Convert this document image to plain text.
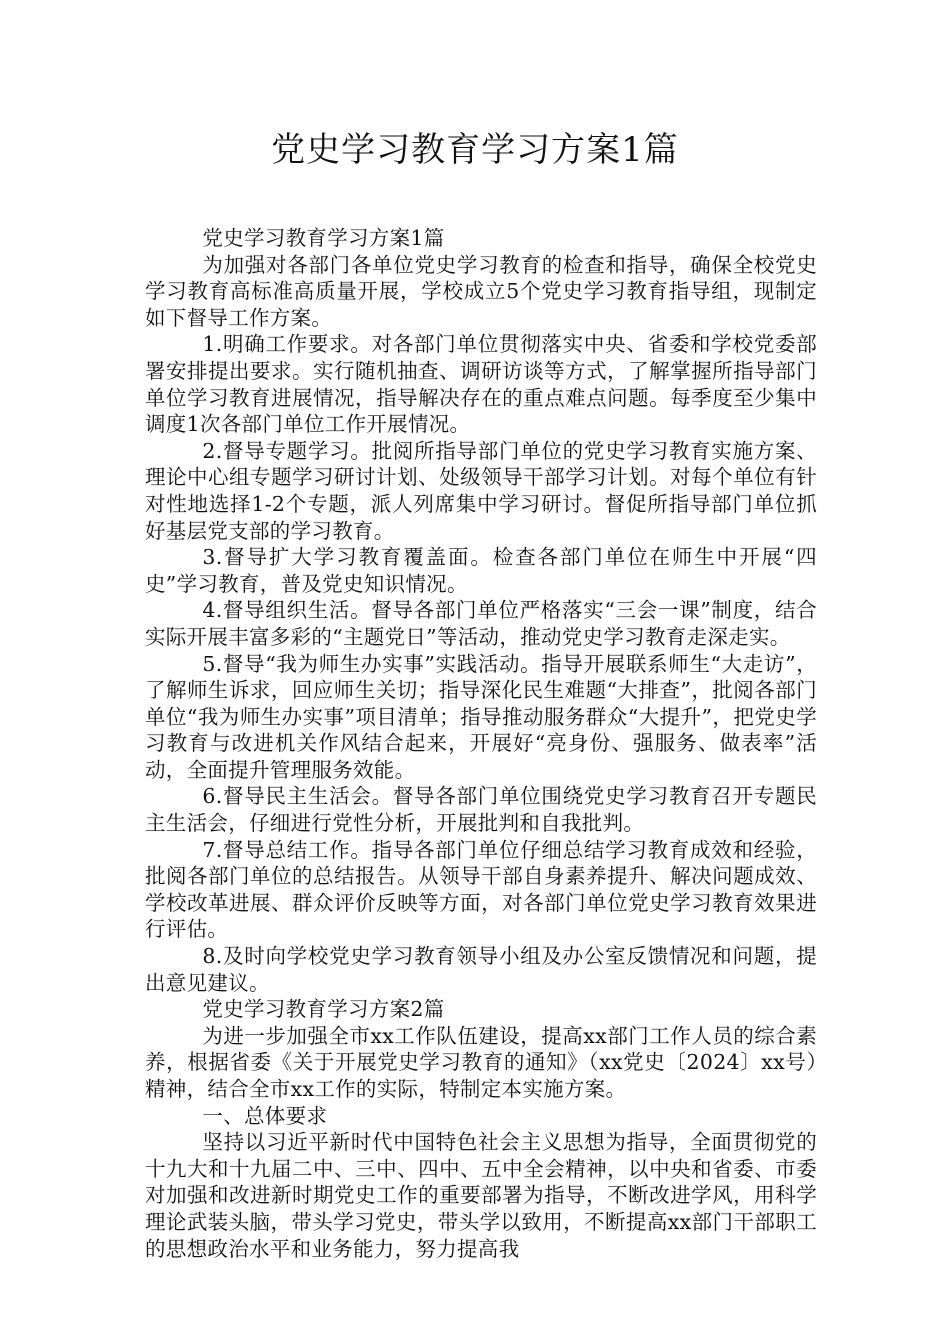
党史学习教育学习方案1篇

党史学习教育学习方案1篇

为加强对各部门各单位党史学习教育的检查和指导，确保全校党史学习教育高标准高质量开展，学校成立5个党史学习教育指导组，现制定如下督导工作方案。

1.明确工作要求。对各部门单位贯彻落实中央、省委和学校党委部署安排提出要求。实行随机抽查、调研访谈等方式，了解掌握所指导部门单位学习教育进展情况，指导解决存在的重点难点问题。每季度至少集中调度1次各部门单位工作开展情况。

2.督导专题学习。批阅所指导部门单位的党史学习教育实施方案、理论中心组专题学习研讨计划、处级领导干部学习计划。对每个单位有针对性地选择1-2个专题，派人列席集中学习研讨。督促所指导部门单位抓好基层党支部的学习教育。

3.督导扩大学习教育覆盖面。检查各部门单位在师生中开展“四史”学习教育，普及党史知识情况。

4.督导组织生活。督导各部门单位严格落实“三会一课”制度，结合实际开展丰富多彩的“主题党日”等活动，推动党史学习教育走深走实。

5.督导“我为师生办实事”实践活动。指导开展联系师生“大走访”，了解师生诉求，回应师生关切；指导深化民生难题“大排查”，批阅各部门单位“我为师生办实事”项目清单；指导推动服务群众“大提升”，把党史学习教育与改进机关作风结合起来，开展好“亮身份、强服务、做表率”活动，全面提升管理服务效能。

6.督导民主生活会。督导各部门单位围绕党史学习教育召开专题民主生活会，仔细进行党性分析，开展批判和自我批判。

7.督导总结工作。指导各部门单位仔细总结学习教育成效和经验，批阅各部门单位的总结报告。从领导干部自身素养提升、解决问题成效、学校改革进展、群众评价反映等方面，对各部门单位党史学习教育效果进行评估。

8.及时向学校党史学习教育领导小组及办公室反馈情况和问题，提出意见建议。

党史学习教育学习方案2篇

为进一步加强全市xx工作队伍建设，提高xx部门工作人员的综合素养，根据省委《关于开展党史学习教育的通知》（xx党史〔2024〕xx号）精神，结合全市xx工作的实际，特制定本实施方案。

一、总体要求

坚持以习近平新时代中国特色社会主义思想为指导，全面贯彻党的十九大和十九届二中、三中、四中、五中全会精神，以中央和省委、市委对加强和改进新时期党史工作的重要部署为指导，不断改进学风，用科学理论武装头脑，带头学习党史，带头学以致用，不断提高xx部门干部职工的思想政治水平和业务能力，努力提高我
